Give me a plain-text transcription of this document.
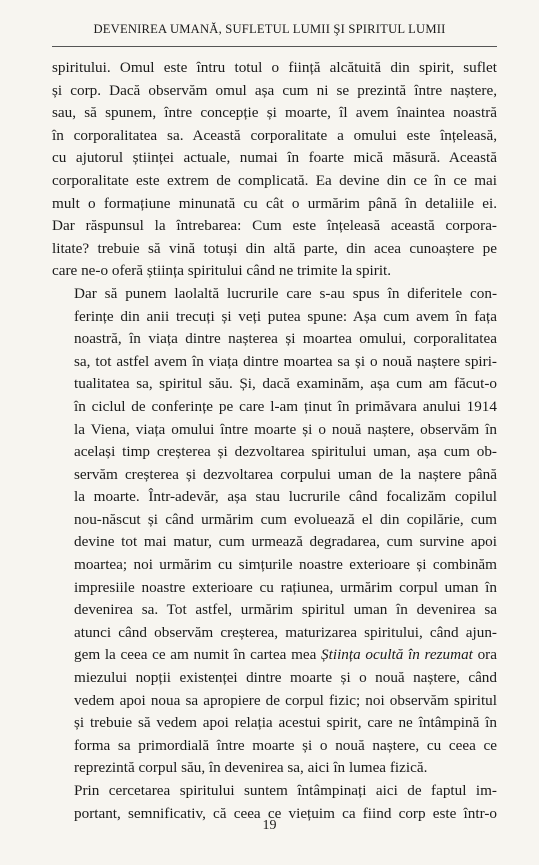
DEVENIREA UMANĂ, SUFLETUL LUMII ŞI SPIRITUL LUMII

spiritului. Omul este întru totul o ființă alcătuită din spirit, suflet
și corp. Dacă observăm omul așa cum ni se prezintă între naștere,
sau, să spunem, între concepție și moarte, îl avem înaintea noastră
în corporalitatea sa. Această corporalitate a omului este înțeleasă,
cu ajutorul științei actuale, numai în foarte mică măsură. Această
corporalitate este extrem de complicată. Ea devine din ce în ce mai
mult o formațiune minunată cu cât o urmărim până în detaliile ei.
Dar răspunsul la întrebarea: Cum este înțeleasă această corpora-
litate? trebuie să vină totuși din altă parte, din acea cunoaștere pe
care ne-o oferă știința spiritului când ne trimite la spirit.

Dar să punem laolaltă lucrurile care s-au spus în diferitele con-
ferințe din anii trecuți și veți putea spune: Așa cum avem în fața
noastră, în viața dintre nașterea și moartea omului, corporalitatea
sa, tot astfel avem în viața dintre moartea sa și o nouă naștere spiri-
tualitatea sa, spiritul său. Și, dacă examinăm, așa cum am făcut-o
în ciclul de conferințe pe care l-am ținut în primăvara anului 1914
la Viena, viața omului între moarte și o nouă naștere, observăm în
același timp creșterea și dezvoltarea spiritului uman, așa cum ob-
servăm creșterea și dezvoltarea corpului uman de la naștere până
la moarte. Într-adevăr, așa stau lucrurile când focalizăm copilul
nou-născut și când urmărim cum evoluează el din copilărie, cum
devine tot mai matur, cum urmează degradarea, cum survine apoi
moartea; noi urmărim cu simțurile noastre exterioare și combinăm
impresiile noastre exterioare cu rațiunea, urmărim corpul uman în
devenirea sa. Tot astfel, urmărim spiritul uman în devenirea sa
atunci când observăm creșterea, maturizarea spiritului, când ajun-
gem la ceea ce am numit în cartea mea Știința ocultă în rezumat ora
miezului nopții existenței dintre moarte și o nouă naștere, când
vedem apoi noua sa apropiere de corpul fizic; noi observăm spiritul
și trebuie să vedem apoi relația acestui spirit, care ne întâmpină în
forma sa primordială între moarte și o nouă naștere, cu ceea ce
reprezintă corpul său, în devenirea sa, aici în lumea fizică.

Prin cercetarea spiritului suntem întâmpinați aici de faptul im-
portant, semnificativ, că ceea ce viețuim ca fiind corp este într-o

19
